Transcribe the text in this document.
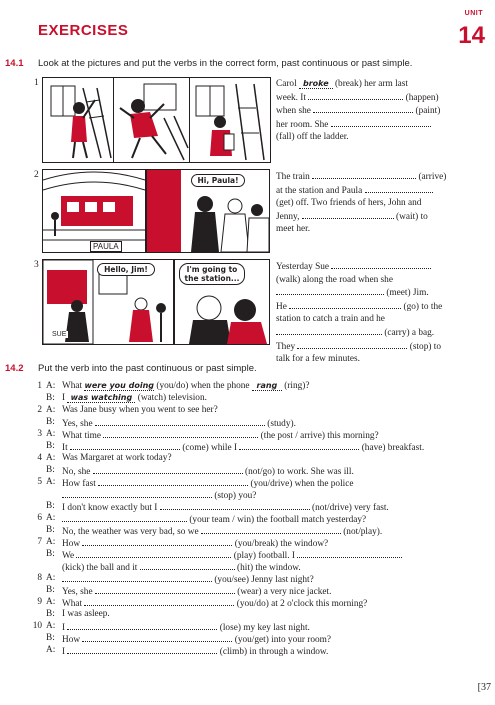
EXERCISES
UNIT
14
14.1 Look at the pictures and put the verbs in the correct form, past continuous or past simple.
1	Carol broke (break) her arm last
week. It	(happen)
when she	(paint)
her room. She
(fall) off the ladder.
2
Hi, Paula!
PAULA
The train	(arrive)
at the station and Paula
(get) off. Two friends of hers, John and
Jenny,	(wait) to
meet her.
3	Hello, Jim!	I'm going to the station...
SUE
Yesterday Sue
(walk) along the road when she
(meet) Jim.
He	(go) to the
station to catch a train and he
(carry) a bag.
They	(stop) to
talk for a few minutes.
14.2 Put the verb into the past continuous or past simple.
1 A: What were you doing (you/do) when the phone rang (ring)?
B: I was watching (watch) television.
2 A: Was Jane busy when you went to see her?
B: Yes, she	(study).
3 A: What time	(the post / arrive) this morning?
B: It	(come) while I	(have) breakfast.
4 A: Was Margaret at work today?
B: No, she	(not/go) to work. She was ill.
5 A: How fast	(you/drive) when the police
(stop) you?
B: I don't know exactly but I	(not/drive) very fast.
6 A:	(your team / win) the football match yesterday?
B: No, the weather was very bad, so we	(not/play).
7 A: How	(you/break) the window?
B: We	(play) football. I
(kick) the ball and it	(hit) the window.
8 A:	(you/see) Jenny last night?
B: Yes, she	(wear) a very nice jacket.
9 A: What	(you/do) at 2 o'clock this morning?
B: I was asleep.
10 A: I	(lose) my key last night.
B: How	(you/get) into your room?
A: I	(climb) in through a window.
[37
